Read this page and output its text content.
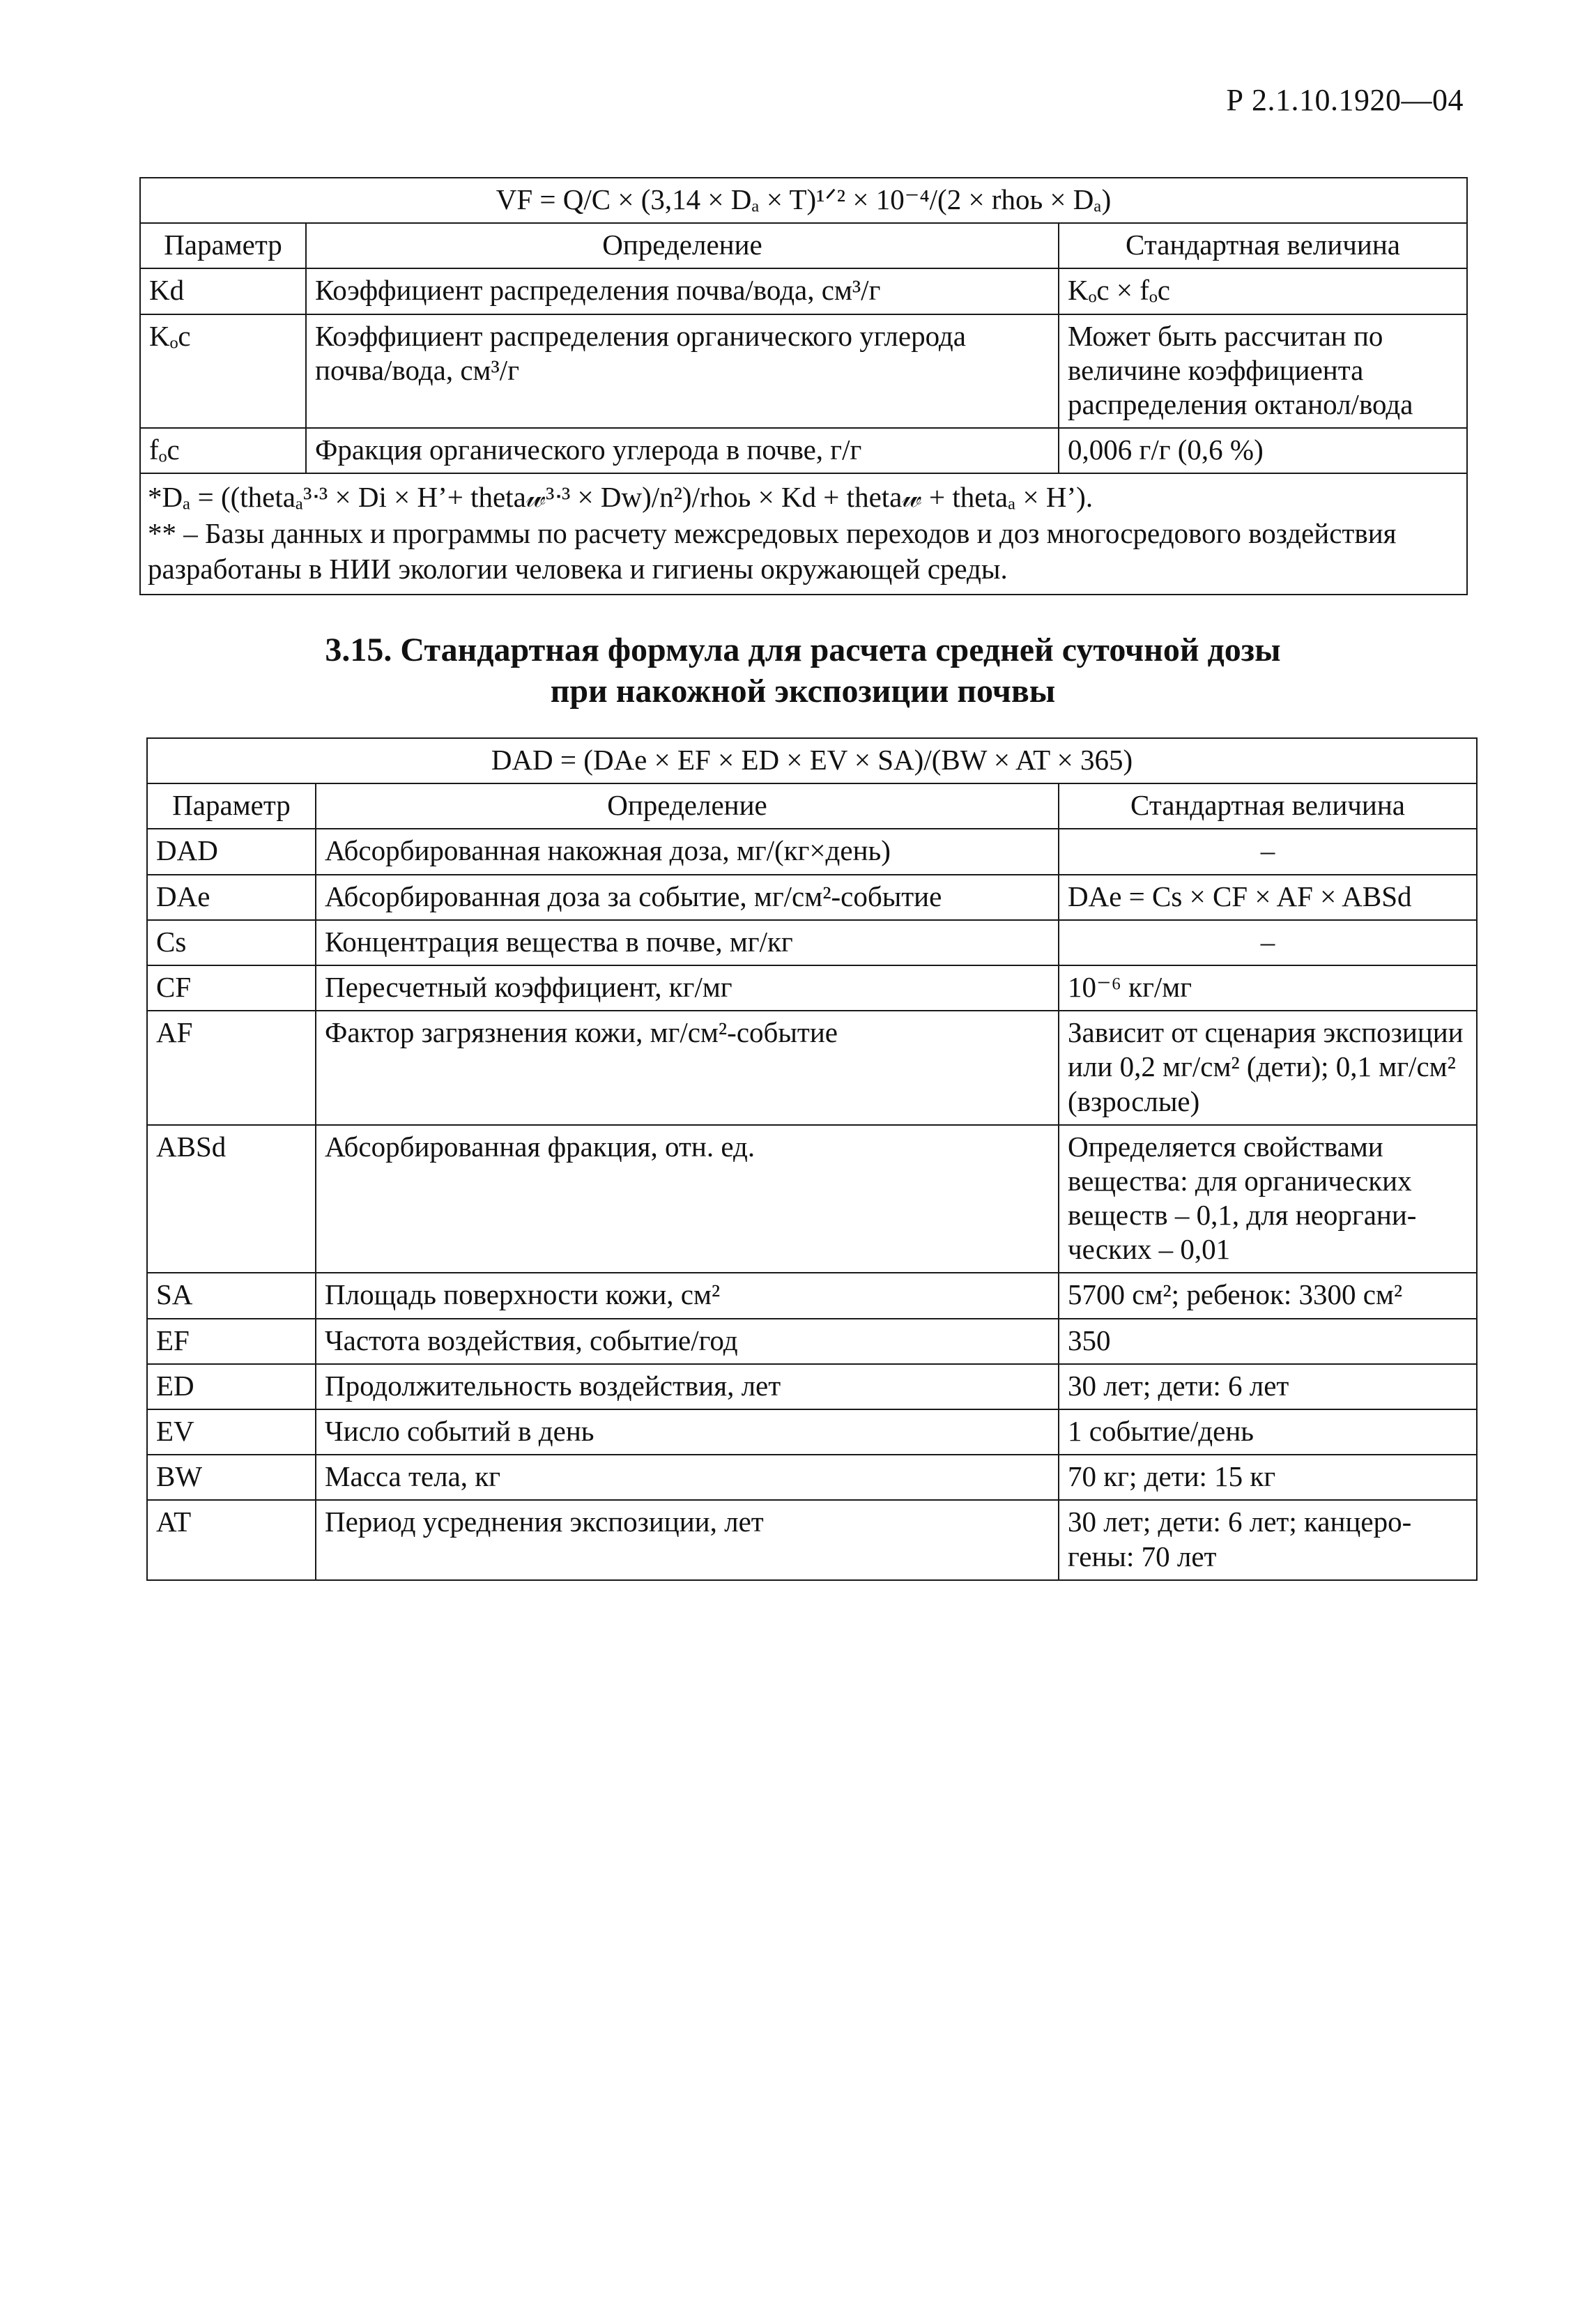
Р 2.1.10.1920—04
VF = Q/C × (3,14 × Dₐ × T)¹ᐟ² × 10⁻⁴/(2 × rhoь × Dₐ)		
Параметр	Определение	Стандартная величина
Kd	Коэффициент распределения почва/вода, см³/г	Kₒc × fₒc
Kₒc	Коэффициент распределения органического углерода почва/вода, см³/г	Может быть рассчитан по величине коэффициента распределения октанол/вода
fₒc	Фракция органического углерода в почве, г/г	0,006 г/г (0,6 %)

*Dₐ = ((thetaₐ³ᐧ³ × Di × H’+ theta𝓌³ᐧ³ × Dw)/n²)/rhoь × Kd + theta𝓌 + thetaₐ × H’).
** – Базы данных и программы по расчету межсредовых переходов и доз многосредового воздействия разработаны в НИИ экологии человека и гигиены окружающей среды.		
3.15. Стандартная формула для расчета средней суточной дозы
при накожной экспозиции почвы
DAD = (DAe × EF × ED × EV × SA)/(BW × AT × 365)		
Параметр	Определение	Стандартная величина
DAD	Абсорбированная накожная доза, мг/(кг×день)	–
DAe	Абсорбированная доза за событие, мг/см²-событие	DAe = Cs × CF × AF × ABSd
Cs	Концентрация вещества в почве, мг/кг	–
CF	Пересчетный коэффициент, кг/мг	10⁻⁶ кг/мг
AF	Фактор загрязнения кожи, мг/см²-событие	Зависит от сценария экспозиции или 0,2 мг/см² (дети); 0,1 мг/см² (взрослые)
ABSd	Абсорбированная фракция, отн. ед.	Определяется свойствами вещества: для органических веществ – 0,1, для неорганических – 0,01
SA	Площадь поверхности кожи, см²	5700 см²; ребенок: 3300 см²
EF	Частота воздействия, событие/год	350
ED	Продолжительность воздействия, лет	30 лет; дети: 6 лет
EV	Число событий в день	1 событие/день
BW	Масса тела, кг	70 кг; дети: 15 кг
AT	Период усреднения экспозиции, лет	30 лет; дети: 6 лет; канцерогены: 70 лет
